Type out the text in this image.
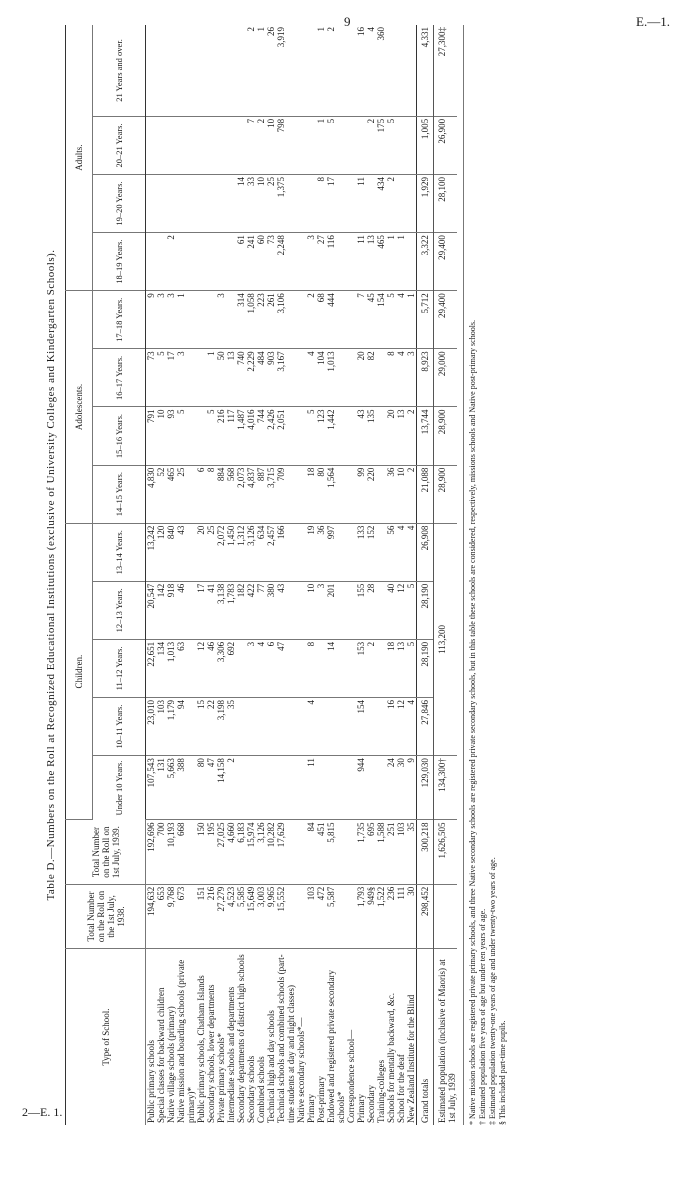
9	E.—1.
2—E. 1.
Table D.—Numbers on the Roll at Recognized Educational Institutions (exclusive of University Colleges and Kindergarten Schools).
Type of School.	Total Number on the Roll on the 1st July, 1938.	Total Number on the Roll on 1st July, 1939.	Children.					Adolescents.				Adults.			
			Under 10 Years.	10–11 Years.	11–12 Years.	12–13 Years.	13–14 Years.	14–15 Years.	15–16 Years.	16–17 Years.	17–18 Years.	18–19 Years.	19–20 Years.	20–21 Years.	21 Years and over.
Public primary schools	194,632	192,696	107,543	23,010	22,651	20,547	13,242	4,830	791	73	9				
Special classes for backward children	653	700	131	103	134	142	120	52	10	5	3				
Native village schools (primary)	9,768	10,193	5,663	1,179	1,013	918	840	465	93	17	3	2			
Native mission and boarding schools (private primary)*	673	668	388	94	63	46	43	25	5	3	1				
Public primary schools, Chatham Islands	151	150	80	15	12	17	20	6							
Secondary schools, lower departments	216	195	47	22	46	41	25	8	5	1					
Private primary schools*	27,279	27,025	14,158	3,198	3,306	3,138	2,072	884	216	50	3				
Intermediate schools and departments	4,523	4,660	2	35	692	1,783	1,450	568	117	13					
Secondary departments of district high schools	5,585	6,183				182	1,312	2,073	1,487	740	314	61	14		
Secondary schools	15,649	15,974			3	422	3,126	4,837	4,016	2,229	1,058	241	33	7	2
Combined schools	3,003	3,126			4	77	634	887	744	484	223	60	10	2	1
Technical high and day schools	9,965	10,282			6	380	2,457	3,715	2,426	903	261	73	25	10	26
Technical schools and combined schools (part-time students at day and night classes)	15,552	17,629			47	43	166	709	2,051	3,167	3,106	2,248	1,375	798	3,919
Native secondary schools*—															
Primary	103	84	11	4	8	10	19	18	5	4	2	3			
Post-primary	472	451				3	36	80	123	104	68	27	8	1	1
Endowed and registered private secondary schools*	5,587	5,815			14	201	997	1,564	1,442	1,013	444	116	17	5	2
Correspondence school—															
Primary	1,793	1,735	944	154	153	155	133	99	43	20	7	11	11		16
Secondary	949§	695			2	28	152	220	135	82	45	13		2	4
Training-colleges	1,522	1,588									154	465	434	175	360
Schools for mentally backward, &c.	236	251	24	16	18	40	56	36	20	8	5	1	2	5	
School for the deaf	111	103	30	12	13	12	4	10	13	4	4	1			
New Zealand Institute for the Blind	30	35	9	4	5	5	4	2	2	3	1				
Grand totals	298,452	300,218	129,030	27,846	28,190	28,190	26,908	21,088	13,744	8,923	5,712	3,322	1,929	1,005	4,331
Estimated population (inclusive of Maoris) at 1st July, 1939		1,626,505	134,300†	113,200				28,900	28,900	29,000	29,400	29,400	28,100	26,900	27,300‡
* Native mission schools are registered private primary schools, and three Native secondary schools are registered private secondary schools, but in this table these schools are considered, respectively, missions schools and Native post-primary schools. † Estimated population five years of age but under ten years of age. ‡ Estimated population twenty-one years of age and under twenty-two years of age. § This included part-time pupils.
